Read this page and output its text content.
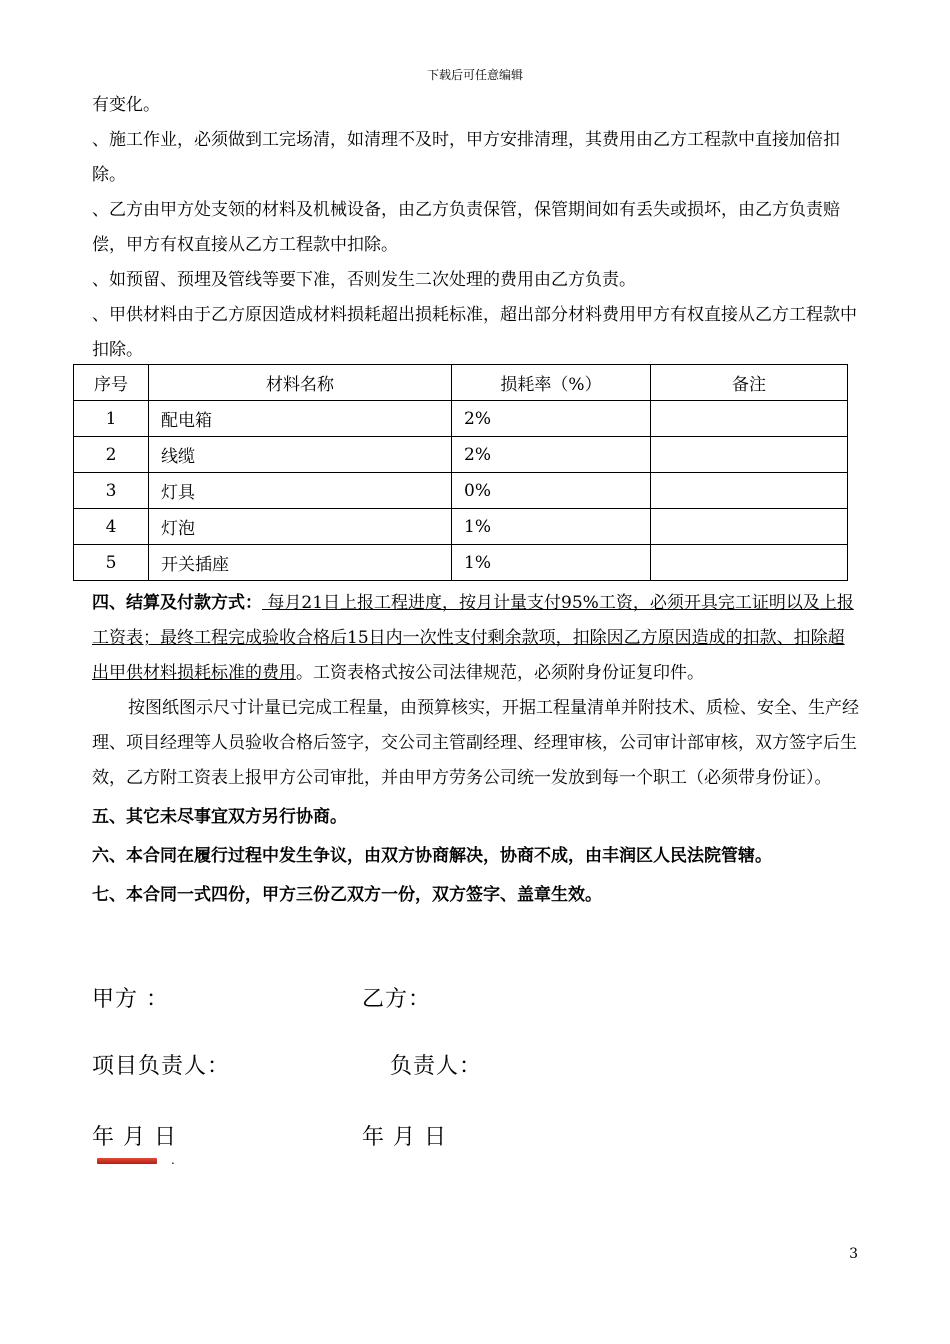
下载后可任意编辑

有变化。

、施工作业，必须做到工完场清，如清理不及时，甲方安排清理，其费用由乙方工程款中直接加倍扣除。

、乙方由甲方处支领的材料及机械设备，由乙方负责保管，保管期间如有丢失或损坏，由乙方负责赔偿，甲方有权直接从乙方工程款中扣除。

、如预留、预埋及管线等要下准，否则发生二次处理的费用由乙方负责。

、甲供材料由于乙方原因造成材料损耗超出损耗标准，超出部分材料费用甲方有权直接从乙方工程款中扣除。

序号	材料名称	损耗率（%）	备注
1	配电箱	2%	
2	线缆	2%	
3	灯具	0%	
4	灯泡	1%	
5	开关插座	1%	

四、结算及付款方式： 每月21日上报工程进度，按月计量支付95%工资，必须开具完工证明以及上报工资表；最终工程完成验收合格后15日内一次性支付剩余款项，扣除因乙方原因造成的扣款、扣除超出甲供材料损耗标准的费用。工资表格式按公司法律规范，必须附身份证复印件。

按图纸图示尺寸计量已完成工程量，由预算核实，开据工程量清单并附技术、质检、安全、生产经理、项目经理等人员验收合格后签字，交公司主管副经理、经理审核，公司审计部审核，双方签字后生效，乙方附工资表上报甲方公司审批，并由甲方劳务公司统一发放到每一个职工（必须带身份证）。

五、其它未尽事宜双方另行协商。

六、本合同在履行过程中发生争议，由双方协商解决，协商不成，由丰润区人民法院管辖。

七、本合同一式四份，甲方三份乙双方一份，双方签字、盖章生效。

甲方 ：	乙方：
项目负责人：	负责人：
年 月 日	年 月 日
.
3
